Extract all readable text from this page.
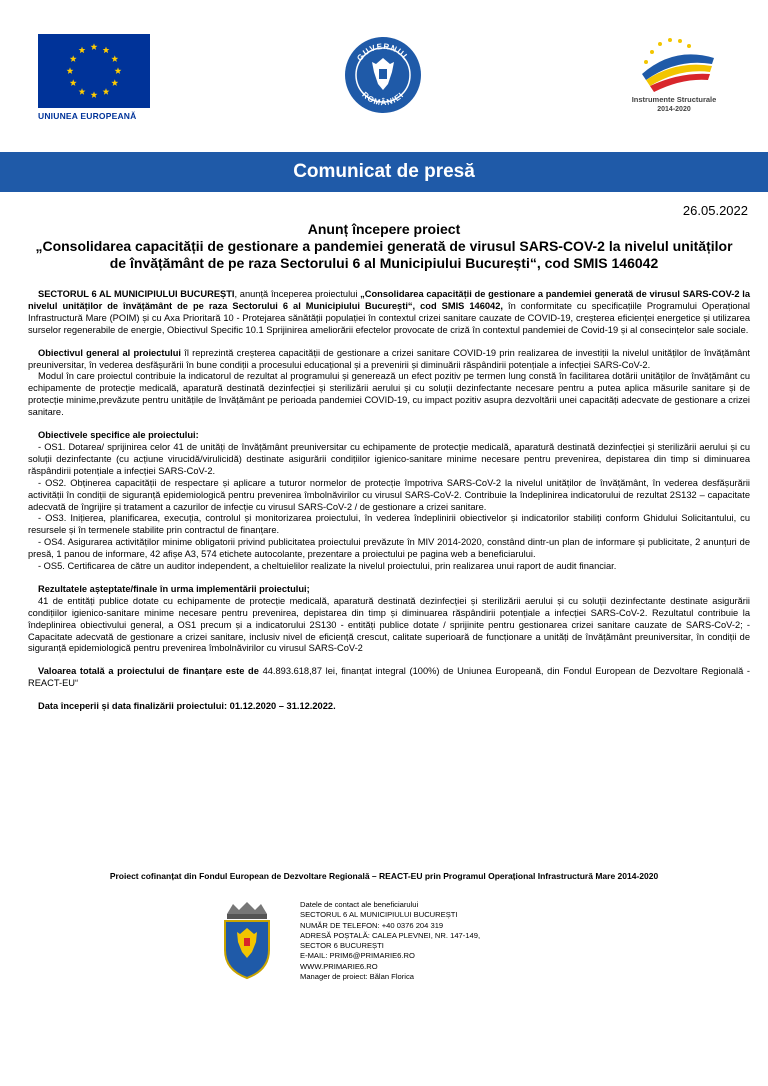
UNIUNEA EUROPEANĂ
GUVERNUL
ROMÂNIEI
Instrumente Structurale
2014-2020
Comunicat de presă
26.05.2022
Anunț începere proiect
„Consolidarea capacității de gestionare a pandemiei generată de virusul SARS-COV-2 la nivelul unităților de învățământ de pe raza Sectorului 6 al Municipiului București“, cod SMIS 146042

SECTORUL 6 AL MUNICIPIULUI BUCUREȘTI, anunță începerea proiectului „Consolidarea capacității de gestionare a pandemiei generată de virusul SARS-COV-2 la nivelul unităților de învățământ de pe raza Sectorului 6 al Municipiului București“, cod SMIS 146042, în conformitate cu specificațiile Programului Operațional Infrastructură Mare (POIM) și cu Axa Prioritară 10 - Protejarea sănătății populației în contextul crizei sanitare cauzate de COVID-19, creșterea eficienței energetice și utilizarea surselor regenerabile de energie, Obiectivul Specific 10.1 Sprijinirea ameliorării efectelor provocate de criză în contextul pandemiei de Covid-19 și al consecințelor sale sociale.

Obiectivul general al proiectului îl reprezintă creșterea capacității de gestionare a crizei sanitare COVID-19 prin realizarea de investiții la nivelul unităților de învățământ preuniversitar, în vederea desfășurării în bune condiții a procesului educațional și a prevenirii și diminuării răspândirii potențiale a infecției SARS-CoV-2.

Modul în care proiectul contribuie la indicatorul de rezultat al programului și generează un efect pozitiv pe termen lung constă în facilitarea dotării unităților de învățământ cu echipamente de protecție medicală, aparatură destinată dezinfecției și sterilizării aerului și cu soluții dezinfectante necesare pentru a putea aplica măsurile sanitare și de protecție minime,prevăzute pentru unitățile de învățământ pe perioada pandemiei COVID-19, cu impact pozitiv asupra dezvoltării unei capacități adecvate de gestionare a crizei sanitare.

Obiectivele specifice ale proiectului:

- OS1. Dotarea/ sprijinirea celor 41 de unități de învățământ preuniversitar cu echipamente de protecție medicală, aparatură destinată dezinfecției și sterilizării aerului și cu soluții dezinfectante (cu acțiune virucidă/virulicidă) destinate asigurării condițiilor igienico-sanitare minime necesare pentru prevenirea, depistarea din timp si diminuarea răspândirii potențiale a infecției SARS-CoV-2.

- OS2. Obținerea capacității de respectare și aplicare a tuturor normelor de protecție împotriva SARS-CoV-2 la nivelul unităților de învățământ, în vederea desfășurării activității în condiții de siguranță epidemiologică pentru prevenirea îmbolnăvirilor cu virusul SARS-CoV-2. Contribuie la îndeplinirea indicatorului de rezultat 2S132 – capacitate adecvată de îngrijire și tratament a cazurilor de infecție cu virusul SARS-CoV-2 / de gestionare a crizei sanitare.

- OS3. Inițierea, planificarea, execuția, controlul și monitorizarea proiectului, în vederea îndeplinirii obiectivelor și indicatorilor stabiliți conform Ghidului Solicitantului, cu resursele și în termenele stabilite prin contractul de finanțare.

- OS4. Asigurarea activităților minime obligatorii privind publicitatea proiectului prevăzute în MIV 2014-2020, constând dintr-un plan de informare și publicitate, 2 anunțuri de presă, 1 panou de informare, 42 afișe A3, 574 etichete autocolante, prezentare a proiectului pe pagina web a beneficiarului.

- OS5. Certificarea de către un auditor independent, a cheltuielilor realizate la nivelul proiectului, prin realizarea unui raport de audit financiar.

Rezultatele așteptate/finale în urma implementării proiectului;

41 de entități publice dotate cu echipamente de protecție medicală, aparatură destinată dezinfecției și sterilizării aerului și cu soluții dezinfectante destinate asigurării condițiilor igienico-sanitare minime necesare pentru prevenirea, depistarea din timp și diminuarea răspândirii potențiale a infecției SARS-CoV-2. Rezultatul contribuie la îndeplinirea obiectivului general, a OS1 precum și a indicatorului 2S130 - entități publice dotate / sprijinite pentru gestionarea crizei sanitare cauzate de SARS-CoV-2; - Capacitate adecvată de gestionare a crizei sanitare, inclusiv nivel de eficiență crescut, calitate superioară de funcționare a unități de învățământ preuniversitar, în condiții de siguranță epidemiologică pentru prevenirea îmbolnăvirilor cu virusul SARS-CoV-2

Valoarea totală a proiectului de finanțare este de 44.893.618,87 lei, finanțat integral (100%) de Uniunea Europeană, din Fondul European de Dezvoltare Regională - REACT-EU“

Data începerii și data finalizării proiectului: 01.12.2020 – 31.12.2022.

Proiect cofinanțat din Fondul European de Dezvoltare Regională – REACT-EU prin Programul Operațional Infrastructură Mare 2014-2020
Datele de contact ale beneficiarului
SECTORUL 6 AL MUNICIPIULUI BUCUREȘTI
NUMĂR DE TELEFON: +40 0376 204 319
ADRESĂ POȘTALĂ: CALEA PLEVNEI, NR. 147-149,
SECTOR 6 BUCUREȘTI
E-MAIL: PRIM6@PRIMARIE6.RO
WWW.PRIMARIE6.RO
Manager de proiect: Bălan Florica
